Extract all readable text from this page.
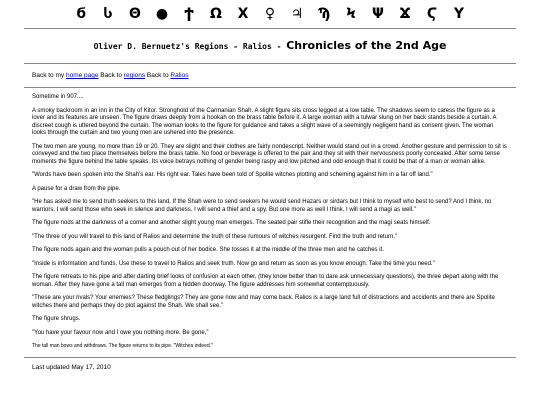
ϭ	Ⴑ	Θ	●	Ϯ	Ω	Χ	♀	♃	Ϡ	Ϟ	Ψ	Ϫ	Ϛ	Υ
Oliver D. Bernuetz's Regions - Ralios - Chronicles of the 2nd Age
Back to my home page Back to regions Back to Ralios

Sometime in 907....

A smoky backroom in an inn in the City of Kitor. Stronghold of the Carmanian Shah. A slight figure sits cross legged at a low table. The shadows seem to caress the figure as a lover and its features are unseen. The figure draws deeply from a hookah on the brass table before it. A large woman with a tulwar slung on her back stands beside a curtain. A discreet cough is uttered beyond the curtain. The woman looks to the figure for guidance and takes a slight wave of a seemingly negligent hand as consent given. The woman looks through the curtain and two young men are ushered into the presence.

The two men are young, no more than 19 or 20. They are slight and their clothes are fairly nondescript. Neither would stand out in a crowd. Another gesture and permission to sit is conveyed and the two place themselves before the brass table. No food or beverage is offered to the pair and they sit with their nervousness poorly concealed. After some tense moments the figure behind the table speaks. Its voice betrays nothing of gender being raspy and low pitched and odd enough that it could be that of a man or woman alike.

"Words have been spoken into the Shah's ear. His right ear. Tales have been told of Spolite witches plotting and scheming against him in a far off land."

A pause for a draw from the pipe.

"He has asked me to send truth seekers to this land. If the Shah were to send seekers he would send Hazars or sirdars but I think to myself who best to send? And I think, no warriors. I will send those who seek in silence and darkness. I will send a thief and a spy. But one more as well I think. I will send a magi as well."

The figure nods at the darkness of a corner and another slight young man emerges. The seated pair stifle their recognition and the magi seats himself.

"The three of you will travel to this land of Ralios and determine the truth of these rumours of witches resurgent. Find the truth and return."

The figure nods again and the woman pulls a pouch out of her bodice. She tosses it at the middle of the three men and he catches it.

"Inside is information and funds. Use these to travel to Ralios and seek truth. Now go and return as soon as you know enough. Take the time you need."

The figure retreats to his pipe and after darting brief looks of confusion at each other, (they know better than to dare ask unnecessary questions), the three depart along with the woman. After they have gone a tall man emerges from a hidden doorway. The figure addresses him somewhat contemptuously.

"These are your rivals? Your enemies? These fledglings? They are gone now and may come back. Ralios is a large land full of distractions and accidents and there are Spolite witches there and perhaps they do plot against the Shah. We shall see."

The figure shrugs.

"You have your favour now and I owe you nothing more. Be gone,"

The tall man bows and withdraws. The figure returns to its pipe. "Witches indeed."

Last updated May 17, 2010
